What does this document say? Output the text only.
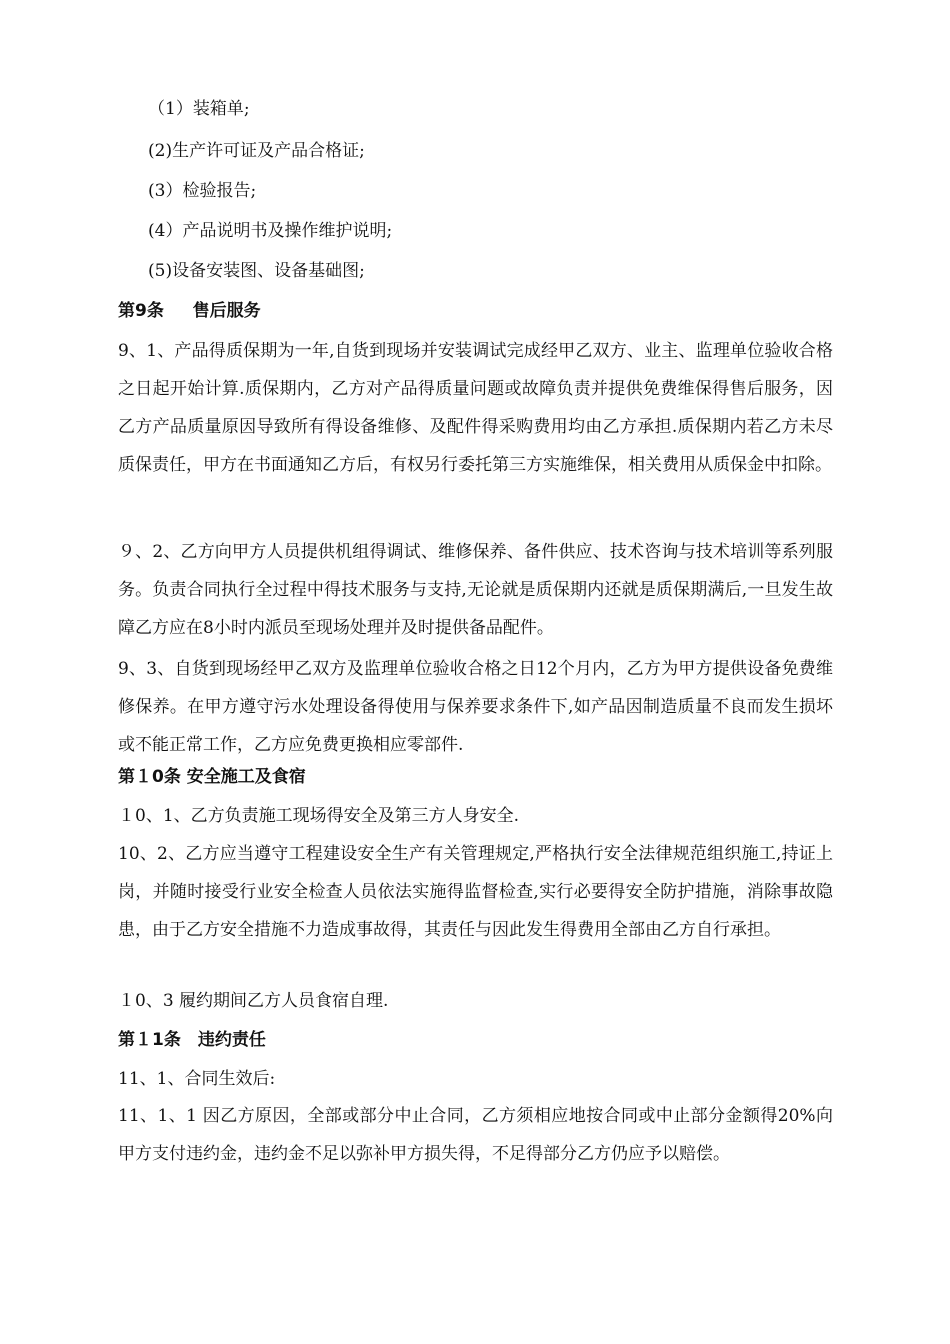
（1）装箱单;
(2)生产许可证及产品合格证;
(3）检验报告;
(4）产品说明书及操作维护说明;
(5)设备安装图、设备基础图;
第9条　  售后服务

9、1、产品得质保期为一年,自货到现场并安装调试完成经甲乙双方、业主、监理单位验收合格之日起开始计算.质保期内，乙方对产品得质量问题或故障负责并提供免费维保得售后服务，因乙方产品质量原因导致所有得设备维修、及配件得采购费用均由乙方承担.质保期内若乙方未尽质保责任，甲方在书面通知乙方后，有权另行委托第三方实施维保，相关费用从质保金中扣除。

９、2、乙方向甲方人员提供机组得调试、维修保养、备件供应、技术咨询与技术培训等系列服务。负责合同执行全过程中得技术服务与支持,无论就是质保期内还就是质保期满后,一旦发生故障乙方应在8小时内派员至现场处理并及时提供备品配件。

9、3、自货到现场经甲乙双方及监理单位验收合格之日12个月内，乙方为甲方提供设备免费维修保养。在甲方遵守污水处理设备得使用与保养要求条件下,如产品因制造质量不良而发生损坏或不能正常工作，乙方应免费更换相应零部件.

第１0条 安全施工及食宿
１0、1、乙方负责施工现场得安全及第三方人身安全.

10、2、乙方应当遵守工程建设安全生产有关管理规定,严格执行安全法律规范组织施工,持证上岗，并随时接受行业安全检查人员依法实施得监督检查,实行必要得安全防护措施，消除事故隐患，由于乙方安全措施不力造成事故得，其责任与因此发生得费用全部由乙方自行承担。

１0、3 履约期间乙方人员食宿自理.
第１1条　违约责任
11、1、合同生效后:

11、1、1 因乙方原因，全部或部分中止合同，乙方须相应地按合同或中止部分金额得20%向甲方支付违约金，违约金不足以弥补甲方损失得，不足得部分乙方仍应予以赔偿。
